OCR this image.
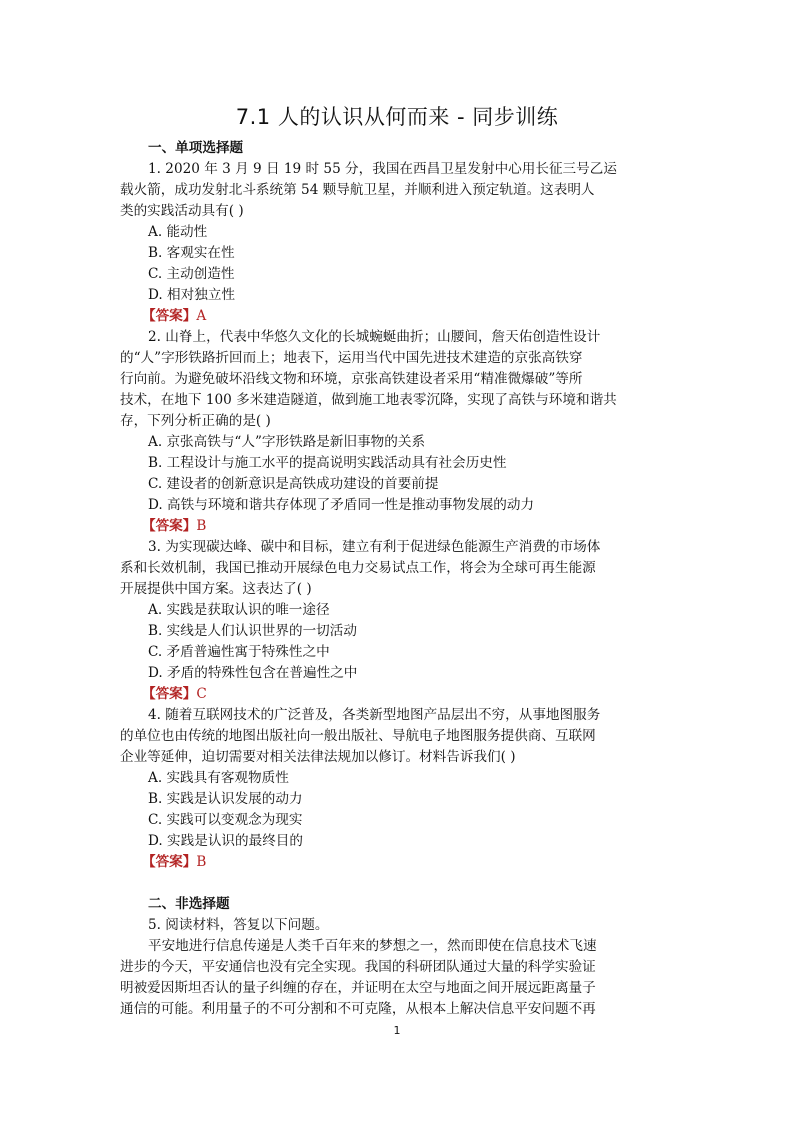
7.1 人的认识从何而来 - 同步训练
一、单项选择题
1. 2020 年 3 月 9 日 19 时 55 分，我国在西昌卫星发射中心用长征三号乙运
载火箭，成功发射北斗系统第 54 颗导航卫星，并顺利进入预定轨道。这表明人
类的实践活动具有( )
A. 能动性
B. 客观实在性
C. 主动创造性
D. 相对独立性
【答案】A
2. 山脊上，代表中华悠久文化的长城蜿蜒曲折；山腰间，詹天佑创造性设计
的“人”字形铁路折回而上；地表下，运用当代中国先进技术建造的京张高铁穿
行向前。为避免破坏沿线文物和环境，京张高铁建设者采用“精准微爆破”等所
技术，在地下 100 多米建造隧道，做到施工地表零沉降，实现了高铁与环境和谐共
存，下列分析正确的是( )
A. 京张高铁与“人”字形铁路是新旧事物的关系
B. 工程设计与施工水平的提高说明实践活动具有社会历史性
C. 建设者的创新意识是高铁成功建设的首要前提
D. 高铁与环境和谐共存体现了矛盾同一性是推动事物发展的动力
【答案】B
3. 为实现碳达峰、碳中和目标，建立有利于促进绿色能源生产消费的市场体
系和长效机制，我国已推动开展绿色电力交易试点工作，将会为全球可再生能源
开展提供中国方案。这表达了( )
A. 实践是获取认识的唯一途径
B. 实线是人们认识世界的一切活动
C. 矛盾普遍性寓于特殊性之中
D. 矛盾的特殊性包含在普遍性之中
【答案】C
4. 随着互联网技术的广泛普及，各类新型地图产品层出不穷，从事地图服务
的单位也由传统的地图出版社向一般出版社、导航电子地图服务提供商、互联网
企业等延伸，迫切需要对相关法律法规加以修订。材料告诉我们( )
A. 实践具有客观物质性
B. 实践是认识发展的动力
C. 实践可以变观念为现实
D. 实践是认识的最终目的
【答案】B
二、非选择题
5. 阅读材料，答复以下问题。
平安地进行信息传递是人类千百年来的梦想之一，然而即使在信息技术飞速
进步的今天，平安通信也没有完全实现。我国的科研团队通过大量的科学实验证
明被爱因斯坦否认的量子纠缠的存在，并证明在太空与地面之间开展远距离量子
通信的可能。利用量子的不可分割和不可克隆，从根本上解决信息平安问题不再
1
